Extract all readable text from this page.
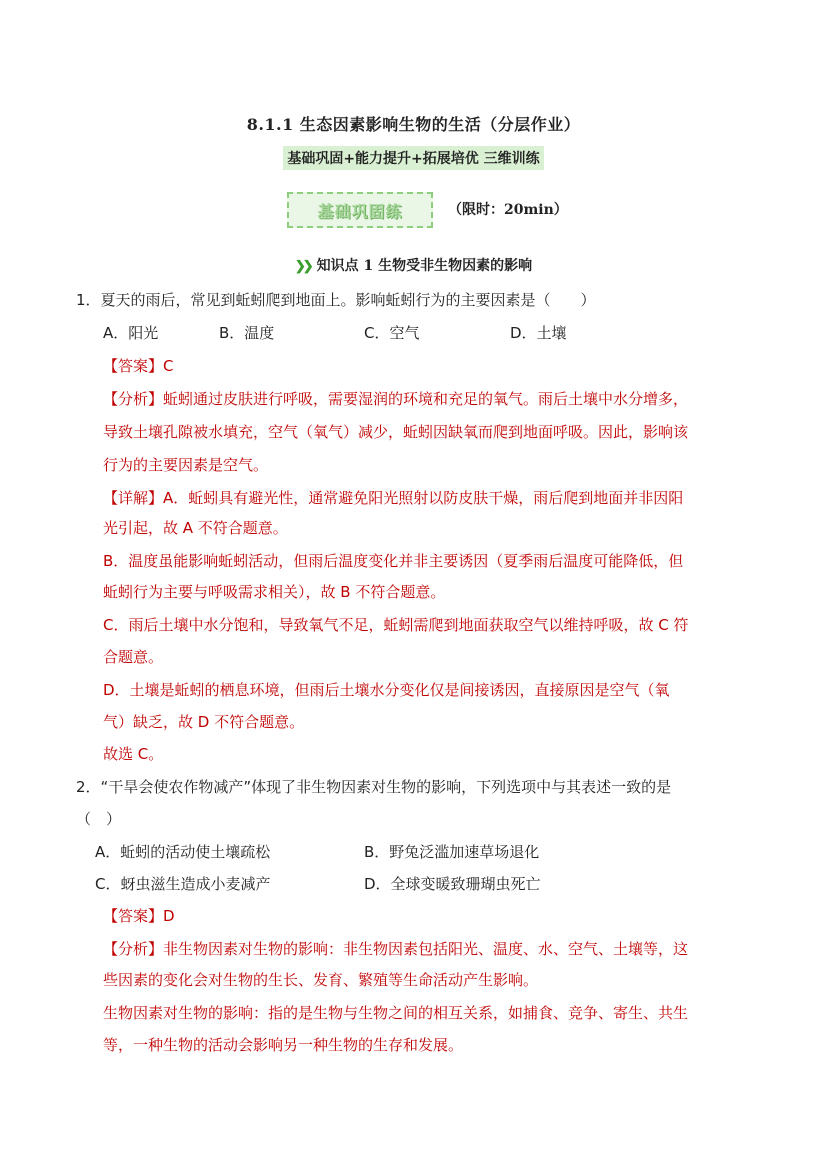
8.1.1 生态因素影响生物的生活（分层作业）
基础巩固+能力提升+拓展培优 三维训练
基础巩固练	（限时：20min）
❯❯ 知识点 1 生物受非生物因素的影响
1．夏天的雨后，常见到蚯蚓爬到地面上。影响蚯蚓行为的主要因素是（　　）
A．阳光	B．温度	C．空气	D．土壤
【答案】C
【分析】蚯蚓通过皮肤进行呼吸，需要湿润的环境和充足的氧气。雨后土壤中水分增多，
导致土壤孔隙被水填充，空气（氧气）减少，蚯蚓因缺氧而爬到地面呼吸。因此，影响该
行为的主要因素是空气。
【详解】A．蚯蚓具有避光性，通常避免阳光照射以防皮肤干燥，雨后爬到地面并非因阳
光引起，故 A 不符合题意。
B．温度虽能影响蚯蚓活动，但雨后温度变化并非主要诱因（夏季雨后温度可能降低，但
蚯蚓行为主要与呼吸需求相关），故 B 不符合题意。
C．雨后土壤中水分饱和，导致氧气不足，蚯蚓需爬到地面获取空气以维持呼吸，故 C 符
合题意。
D．土壤是蚯蚓的栖息环境，但雨后土壤水分变化仅是间接诱因，直接原因是空气（氧
气）缺乏，故 D 不符合题意。
故选 C。
2．“干旱会使农作物减产”体现了非生物因素对生物的影响，下列选项中与其表述一致的是
（　）
A．蚯蚓的活动使土壤疏松	B．野兔泛滥加速草场退化
C．蚜虫滋生造成小麦减产	D．全球变暖致珊瑚虫死亡
【答案】D
【分析】非生物因素对生物的影响：非生物因素包括阳光、温度、水、空气、土壤等，这
些因素的变化会对生物的生长、发育、繁殖等生命活动产生影响。
生物因素对生物的影响：指的是生物与生物之间的相互关系，如捕食、竞争、寄生、共生
等，一种生物的活动会影响另一种生物的生存和发展。
